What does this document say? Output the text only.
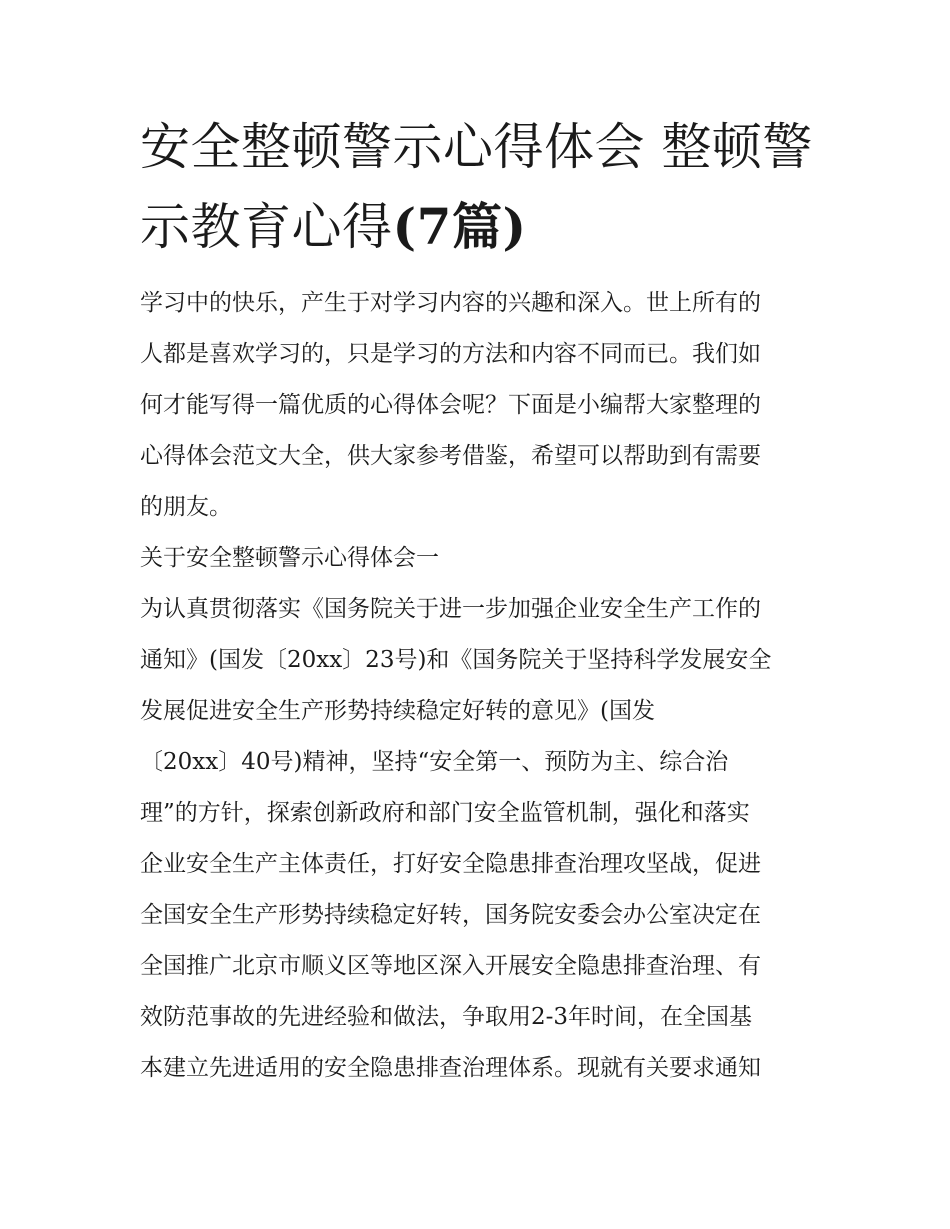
安全整顿警示心得体会 整顿警
示教育心得(7篇)
学习中的快乐，产生于对学习内容的兴趣和深入。世上所有的
人都是喜欢学习的，只是学习的方法和内容不同而已。我们如
何才能写得一篇优质的心得体会呢？下面是小编帮大家整理的
心得体会范文大全，供大家参考借鉴，希望可以帮助到有需要
的朋友。
关于安全整顿警示心得体会一
为认真贯彻落实《国务院关于进一步加强企业安全生产工作的
通知》(国发〔20xx〕23号)和《国务院关于坚持科学发展安全
发展促进安全生产形势持续稳定好转的意见》(国发
〔20xx〕40号)精神，坚持“安全第一、预防为主、综合治
理”的方针，探索创新政府和部门安全监管机制，强化和落实
企业安全生产主体责任，打好安全隐患排查治理攻坚战，促进
全国安全生产形势持续稳定好转，国务院安委会办公室决定在
全国推广北京市顺义区等地区深入开展安全隐患排查治理、有
效防范事故的先进经验和做法，争取用2-3年时间，在全国基
本建立先进适用的安全隐患排查治理体系。现就有关要求通知
